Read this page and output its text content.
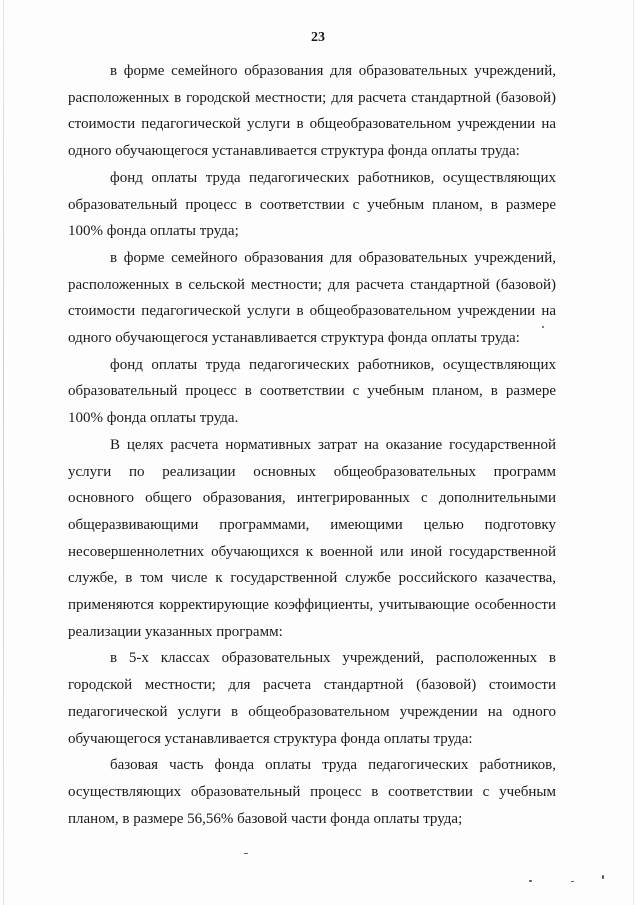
23

в форме семейного образования для образовательных учреждений,
расположенных в городской местности; для расчета стандартной (базовой)
стоимости педагогической услуги в общеобразовательном учреждении на
одного обучающегося устанавливается структура фонда оплаты труда:

фонд оплаты труда педагогических работников, осуществляющих
образовательный процесс в соответствии с учебным планом, в размере
100% фонда оплаты труда;

в форме семейного образования для образовательных учреждений,
расположенных в сельской местности; для расчета стандартной (базовой)
стоимости педагогической услуги в общеобразовательном учреждении на
одного обучающегося устанавливается структура фонда оплаты труда:

фонд оплаты труда педагогических работников, осуществляющих
образовательный процесс в соответствии с учебным планом, в размере
100% фонда оплаты труда.

В целях расчета нормативных затрат на оказание государственной
услуги по реализации основных общеобразовательных программ
основного общего образования, интегрированных с дополнительными
общеразвивающими программами, имеющими целью подготовку
несовершеннолетних обучающихся к военной или иной государственной
службе, в том числе к государственной службе российского казачества,
применяются корректирующие коэффициенты, учитывающие особенности
реализации указанных программ:

в 5-х классах образовательных учреждений, расположенных в
городской местности; для расчета стандартной (базовой) стоимости
педагогической услуги в общеобразовательном учреждении на одного
обучающегося устанавливается структура фонда оплаты труда:

базовая часть фонда оплаты труда педагогических работников,
осуществляющих образовательный процесс в соответствии с учебным
планом, в размере 56,56% базовой части фонда оплаты труда;
